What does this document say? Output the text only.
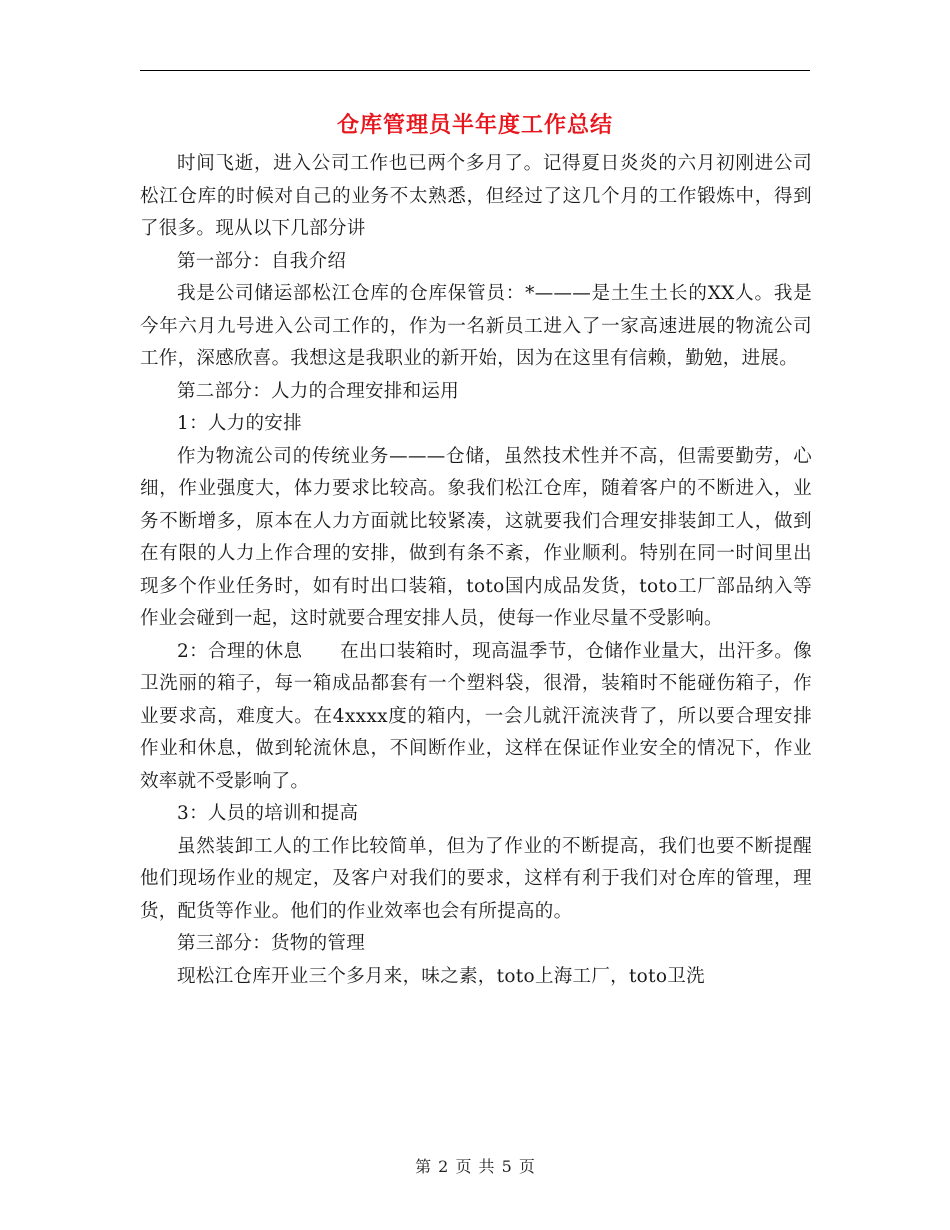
仓库管理员半年度工作总结

时间飞逝，进入公司工作也已两个多月了。记得夏日炎炎的六月初刚进公司松江仓库的时候对自己的业务不太熟悉，但经过了这几个月的工作锻炼中，得到了很多。现从以下几部分讲

第一部分：自我介绍

我是公司储运部松江仓库的仓库保管员：*———是土生土长的XX人。我是今年六月九号进入公司工作的，作为一名新员工进入了一家高速进展的物流公司工作，深感欣喜。我想这是我职业的新开始，因为在这里有信赖，勤勉，进展。

第二部分：人力的合理安排和运用

1：人力的安排

作为物流公司的传统业务———仓储，虽然技术性并不高，但需要勤劳，心细，作业强度大，体力要求比较高。象我们松江仓库，随着客户的不断进入，业务不断增多，原本在人力方面就比较紧凑，这就要我们合理安排装卸工人，做到在有限的人力上作合理的安排，做到有条不紊，作业顺利。特别在同一时间里出现多个作业任务时，如有时出口装箱，toto国内成品发货，toto工厂部品纳入等作业会碰到一起，这时就要合理安排人员，使每一作业尽量不受影响。

2：合理的休息　　在出口装箱时，现高温季节，仓储作业量大，出汗多。像卫洗丽的箱子，每一箱成品都套有一个塑料袋，很滑，装箱时不能碰伤箱子，作业要求高，难度大。在4xxxx度的箱内，一会儿就汗流浃背了，所以要合理安排作业和休息，做到轮流休息，不间断作业，这样在保证作业安全的情况下，作业效率就不受影响了。

3：人员的培训和提高

虽然装卸工人的工作比较简单，但为了作业的不断提高，我们也要不断提醒他们现场作业的规定，及客户对我们的要求，这样有利于我们对仓库的管理，理货，配货等作业。他们的作业效率也会有所提高的。

第三部分：货物的管理

现松江仓库开业三个多月来，味之素，toto上海工厂，toto卫洗

第 2 页 共 5 页
